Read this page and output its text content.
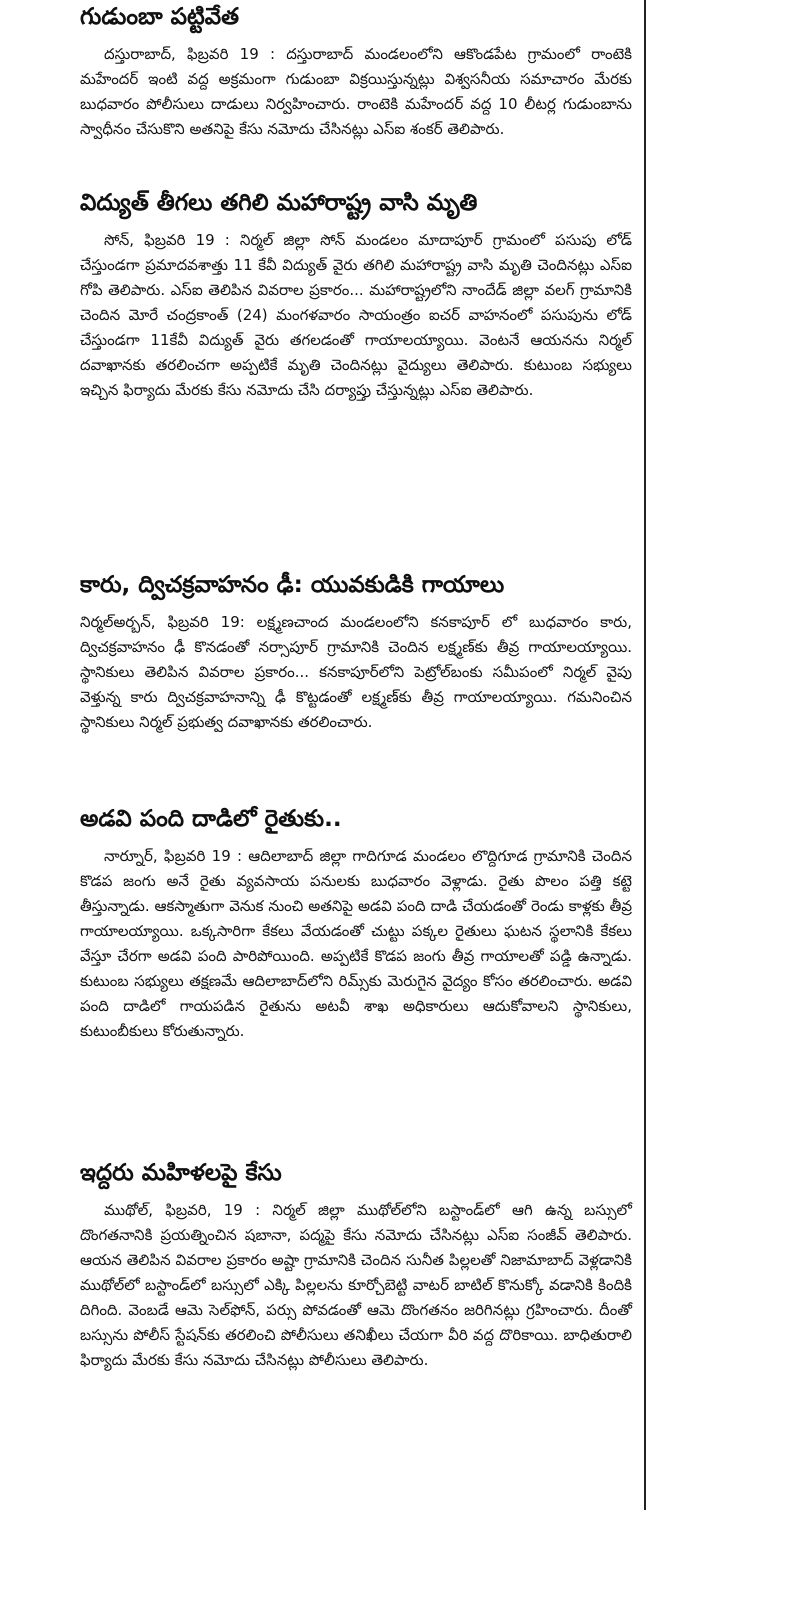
గుడుంబా పట్టివేత

దస్తురాబాద్, ఫిబ్రవరి 19 : దస్తురాబాద్ మండలంలోని ఆకొండపేట గ్రామంలో రాంటెకి మహేందర్ ఇంటి వద్ద అక్రమంగా గుడుంబా విక్రయిస్తున్నట్లు విశ్వసనీయ సమాచారం మేరకు బుధవారం పోలీసులు దాడులు నిర్వహించారు. రాంటెకి మహేందర్ వద్ద 10 లీటర్ల గుడుంబాను స్వాధీనం చేసుకొని అతనిపై కేసు నమోదు చేసినట్లు ఎస్ఐ శంకర్ తెలిపారు.

విద్యుత్ తీగలు తగిలి మహారాష్ట్ర వాసి మృతి

సోన్, ఫిబ్రవరి 19 : నిర్మల్ జిల్లా సోన్ మండలం మాదాపూర్ గ్రామంలో పసుపు లోడ్ చేస్తుండగా ప్రమాదవశాత్తు 11 కేవీ విద్యుత్ వైరు తగిలి మహారాష్ట్ర వాసి మృతి చెందినట్లు ఎస్ఐ గోపి తెలిపారు. ఎస్ఐ తెలిపిన వివరాల ప్రకారం... మహారాష్ట్రలోని నాందేడ్ జిల్లా వలగ్ గ్రామానికి చెందిన మోరే చంద్రకాంత్ (24) మంగళవారం సాయంత్రం ఐచర్ వాహనంలో పసుపును లోడ్ చేస్తుండగా 11కేవీ విద్యుత్ వైరు తగలడంతో గాయాలయ్యాయి. వెంటనే ఆయనను నిర్మల్ దవాఖానకు తరలించగా అప్పటికే మృతి చెందినట్లు వైద్యులు తెలిపారు. కుటుంబ సభ్యులు ఇచ్చిన ఫిర్యాదు మేరకు కేసు నమోదు చేసి దర్యాప్తు చేస్తున్నట్లు ఎస్ఐ తెలిపారు.

కారు, ద్విచక్రవాహనం ఢీ: యువకుడికి గాయాలు

నిర్మల్అర్బన్, ఫిబ్రవరి 19: లక్ష్మణచాంద మండలంలోని కనకాపూర్ లో బుధవారం కారు, ద్విచక్రవాహనం ఢీ కొనడంతో నర్సాపూర్ గ్రామానికి చెందిన లక్ష్మణ్‌కు తీవ్ర గాయాలయ్యాయి. స్థానికులు తెలిపిన వివరాల ప్రకారం... కనకాపూర్‌లోని పెట్రోల్‌బంకు సమీపంలో నిర్మల్ వైపు వెళ్తున్న కారు ద్విచక్రవాహనాన్ని ఢీ కొట్టడంతో లక్ష్మణ్‌కు తీవ్ర గాయాలయ్యాయి. గమనించిన స్థానికులు నిర్మల్ ప్రభుత్వ దవాఖానకు తరలించారు.

అడవి పంది దాడిలో రైతుకు..

నార్నూర్, ఫిబ్రవరి 19 : ఆదిలాబాద్ జిల్లా గాదిగూడ మండలం లొద్దిగూడ గ్రామానికి చెందిన కొడప జంగు అనే రైతు వ్యవసాయ పనులకు బుధవారం వెళ్లాడు. రైతు పొలం పత్తి కట్టె తీస్తున్నాడు. ఆకస్మాతుగా వెనుక నుంచి అతనిపై అడవి పంది దాడి చేయడంతో రెండు కాళ్లకు తీవ్ర గాయాలయ్యాయి. ఒక్కసారిగా కేకలు వేయడంతో చుట్టు పక్కల రైతులు ఘటన స్థలానికి కేకలు వేస్తూ చేరగా అడవి పంది పారిపోయింది. అప్పటికే కొడప జంగు తీవ్ర గాయాలతో పడ్డి ఉన్నాడు. కుటుంబ సభ్యులు తక్షణమే ఆదిలాబాద్‌లోని రిమ్స్‌కు మెరుగైన వైద్యం కోసం తరలించారు. అడవి పంది దాడిలో గాయపడిన రైతును అటవీ శాఖ అధికారులు ఆదుకోవాలని స్థానికులు, కుటుంబీకులు కోరుతున్నారు.

ఇద్దరు మహిళలపై కేసు

ముథోల్, ఫిబ్రవరి, 19 : నిర్మల్ జిల్లా ముథోల్‌లోని బస్టాండ్‌లో ఆగి ఉన్న బస్సులో దొంగతనానికి ప్రయత్నించిన షబానా, పద్మపై కేసు నమోదు చేసినట్లు ఎస్ఐ సంజీవ్ తెలిపారు. ఆయన తెలిపిన వివరాల ప్రకారం అష్టా గ్రామానికి చెందిన సునీత పిల్లలతో నిజామాబాద్ వెళ్లడానికి ముథోల్‌లో బస్టాండ్‌లో బస్సులో ఎక్కి పిల్లలను కూర్చోబెట్టి వాటర్ బాటిల్ కొనుక్కో వడానికి కిందికి దిగింది. వెంబడే ఆమె సెల్‌ఫోన్, పర్సు పోవడంతో ఆమె దొంగతనం జరిగినట్లు గ్రహించారు. దీంతో బస్సును పోలీస్ స్టేషన్‌కు తరలించి పోలీసులు తనిఖీలు చేయగా వీరి వద్ద దొరికాయి. బాధితురాలి ఫిర్యాదు మేరకు కేసు నమోదు చేసినట్లు పోలీసులు తెలిపారు.
